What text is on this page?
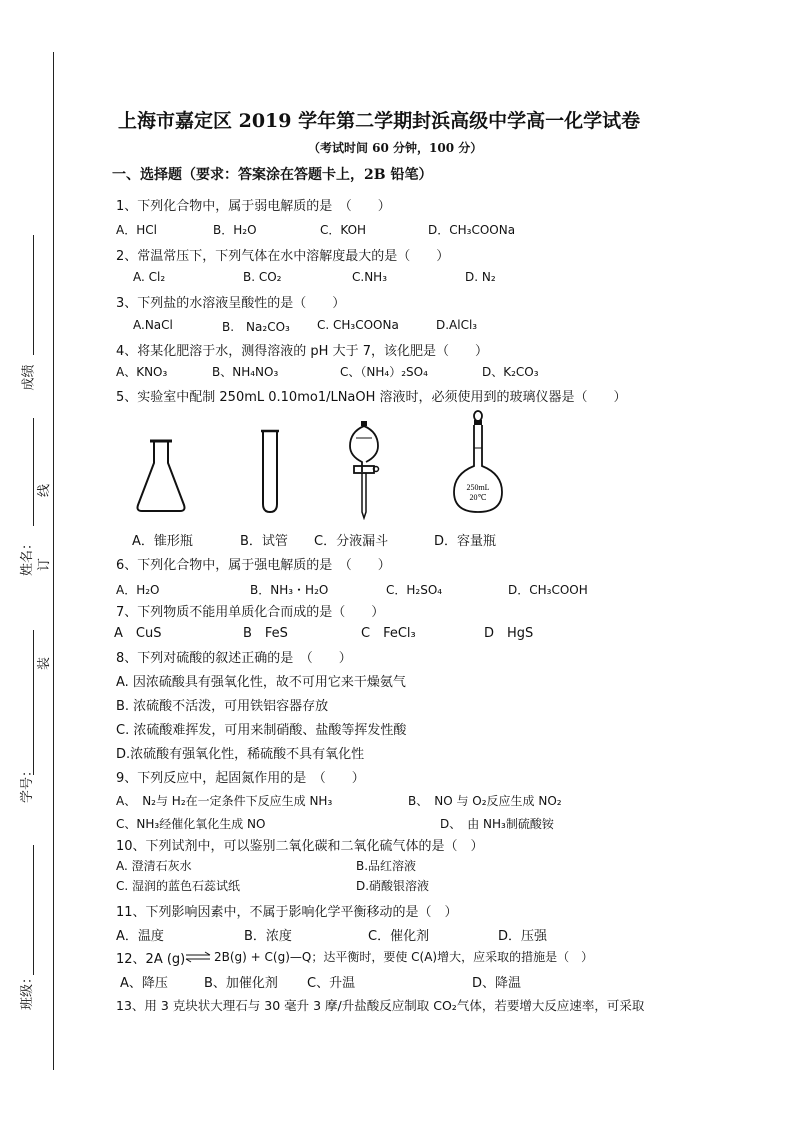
成绩
线
姓名： 订
装
学号：
班级：
上海市嘉定区 2019 学年第二学期封浜高级中学高一化学试卷
（考试时间 60 分钟，100 分）
一、选择题（要求：答案涂在答题卡上，2B 铅笔）
1、下列化合物中，属于弱电解质的是　（　　）
A．HCl	B．H₂O	C．KOH	D．CH₃COONa
2、常温常压下，下列气体在水中溶解度最大的是（　　）
A. Cl₂	B. CO₂	C.NH₃	D. N₂
3、下列盐的水溶液呈酸性的是（　　）
A.NaCl	B.　Na₂CO₃ C. CH₃COONa	D.AlCl₃
4、将某化肥溶于水，测得溶液的 pH 大于 7，该化肥是（　　）
A、KNO₃	B、NH₄NO₃	C、（NH₄）₂SO₄	D、K₂CO₃
5、实验室中配制 250mL 0.10mo1/LNaOH 溶液时，必须使用到的玻璃仪器是（　　）
250mL
20℃
A．锥形瓶	B．试管 C．分液漏斗	D．容量瓶
6、下列化合物中，属于强电解质的是　（　　）
A．H₂O	B．NH₃・H₂O	C．H₂SO₄	D．CH₃COOH
7、下列物质不能用单质化合而成的是（　　）
A　CuS	B　FeS	C　FeCl₃	D　HgS
8、下列对硫酸的叙述正确的是　（　　）
A. 因浓硫酸具有强氧化性，故不可用它来干燥氨气
B. 浓硫酸不活泼，可用铁铝容器存放
C. 浓硫酸难挥发，可用来制硝酸、盐酸等挥发性酸
D.浓硫酸有强氧化性，稀硫酸不具有氧化性
9、下列反应中，起固氮作用的是　（　　）
A、　N₂与 H₂在一定条件下反应生成 NH₃	B、　NO 与 O₂反应生成 NO₂
C、NH₃经催化氧化生成 NO	D、　由 NH₃制硫酸铵
10、下列试剂中，可以鉴别二氧化碳和二氧化硫气体的是（　）
A. 澄清石灰水	B.品红溶液
C. 湿润的蓝色石蕊试纸	D.硝酸银溶液
11、下列影响因素中，不属于影响化学平衡移动的是（　）
A．温度	B．浓度	C．催化剂	D．压强
12、2A (g) ⇌ 2B(g) + C(g)—Q；达平衡时，要使 C(A)增大，应采取的措施是（　）
A、降压	B、加催化剂 C、升温	D、降温
13、用 3 克块状大理石与 30 毫升 3 摩/升盐酸反应制取 CO₂气体，若要增大反应速率，可采取
